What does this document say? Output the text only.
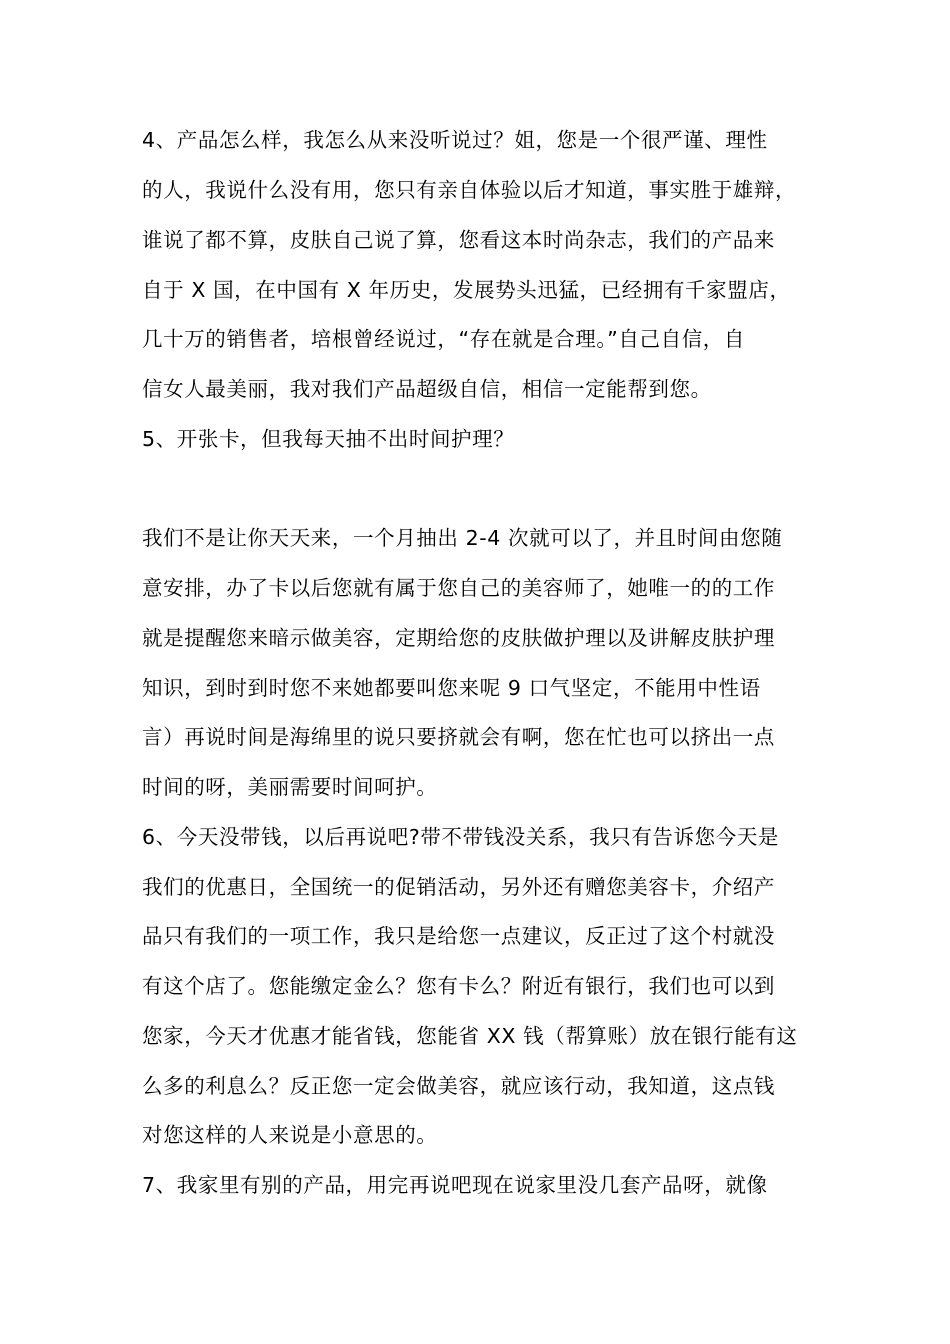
4、产品怎么样，我怎么从来没听说过？姐，您是一个很严谨、理性

的人，我说什么没有用，您只有亲自体验以后才知道，事实胜于雄辩，

谁说了都不算，皮肤自己说了算，您看这本时尚杂志，我们的产品来

自于 X 国，在中国有 X 年历史，发展势头迅猛，已经拥有千家盟店，

几十万的销售者，培根曾经说过，“存在就是合理。”自己自信，自

信女人最美丽，我对我们产品超级自信，相信一定能帮到您。

5、开张卡，但我每天抽不出时间护理？

我们不是让你天天来，一个月抽出 2-4 次就可以了，并且时间由您随

意安排，办了卡以后您就有属于您自己的美容师了，她唯一的的工作

就是提醒您来暗示做美容，定期给您的皮肤做护理以及讲解皮肤护理

知识，到时到时您不来她都要叫您来呢 9 口气坚定，不能用中性语

言）再说时间是海绵里的说只要挤就会有啊，您在忙也可以挤出一点

时间的呀，美丽需要时间呵护。

6、今天没带钱，以后再说吧?带不带钱没关系，我只有告诉您今天是

我们的优惠日，全国统一的促销活动，另外还有赠您美容卡，介绍产

品只有我们的一项工作，我只是给您一点建议，反正过了这个村就没

有这个店了。您能缴定金么？您有卡么？附近有银行，我们也可以到

您家，今天才优惠才能省钱，您能省 XX 钱（帮算账）放在银行能有这

么多的利息么？反正您一定会做美容，就应该行动，我知道，这点钱

对您这样的人来说是小意思的。

7、我家里有别的产品，用完再说吧现在说家里没几套产品呀，就像
